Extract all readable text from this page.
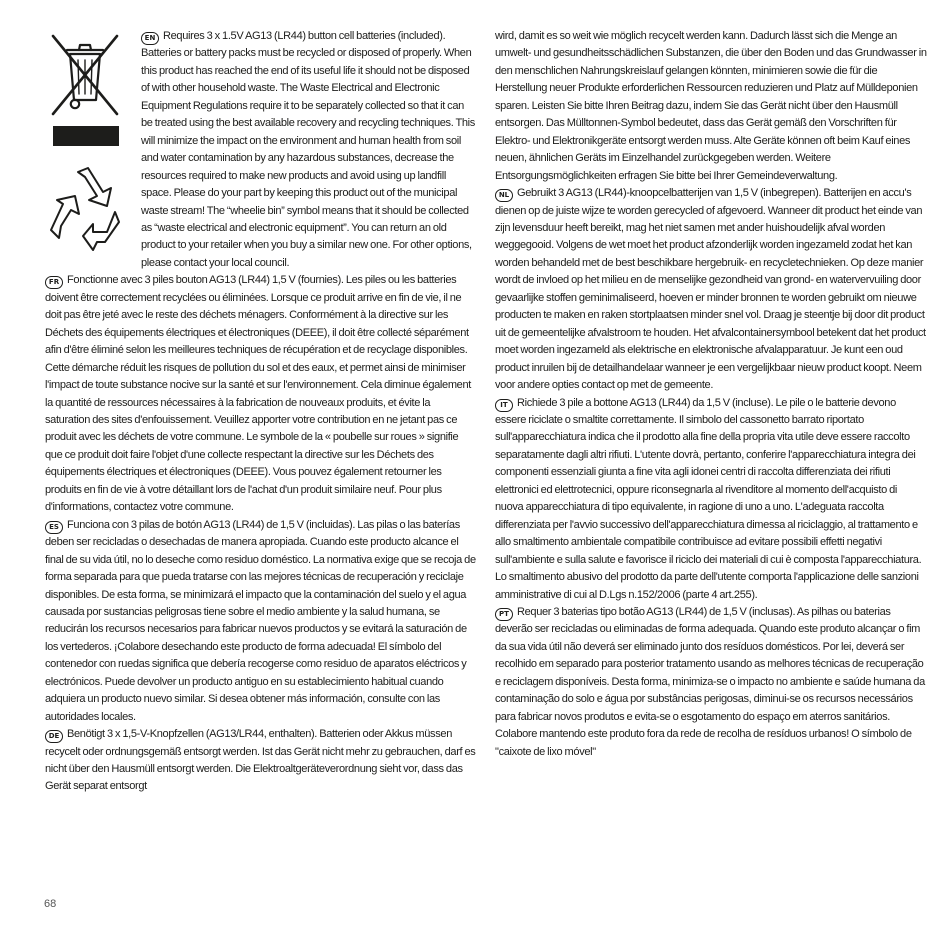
EN Requires 3 x 1.5V AG13 (LR44) button cell batteries (included). Batteries or battery packs must be recycled or disposed of properly. When this product has reached the end of its useful life it should not be disposed of with other household waste. The Waste Electrical and Electronic Equipment Regulations require it to be separately collected so that it can be treated using the best available recovery and recycling techniques. This will minimize the impact on the environment and human health from soil and water contamination by any hazardous substances, decrease the resources required to make new products and avoid using up landfill space. Please do your part by keeping this product out of the municipal waste stream! The “wheelie bin” symbol means that it should be collected as “waste electrical and electronic equipment”. You can return an old product to your retailer when you buy a similar new one. For other options, please contact your local council.

FR Fonctionne avec 3 piles bouton AG13 (LR44) 1,5 V (fournies). Les piles ou les batteries doivent être correctement recyclées ou éliminées. Lorsque ce produit arrive en fin de vie, il ne doit pas être jeté avec le reste des déchets ménagers. Conformément à la directive sur les Déchets des équipements électriques et électroniques (DEEE), il doit être collecté séparément afin d'être éliminé selon les meilleures techniques de récupération et de recyclage disponibles. Cette démarche réduit les risques de pollution du sol et des eaux, et permet ainsi de minimiser l'impact de toute substance nocive sur la santé et sur l'environnement. Cela diminue également la quantité de ressources nécessaires à la fabrication de nouveaux produits, et évite la saturation des sites d'enfouissement. Veuillez apporter votre contribution en ne jetant pas ce produit avec les déchets de votre commune. Le symbole de la « poubelle sur roues » signifie que ce produit doit faire l'objet d'une collecte respectant la directive sur les Déchets des équipements électriques et électroniques (DEEE). Vous pouvez également retourner les produits en fin de vie à votre détaillant lors de l'achat d'un produit similaire neuf. Pour plus d'informations, contactez votre commune.

ES Funciona con 3 pilas de botón AG13 (LR44) de 1,5 V (incluidas). Las pilas o las baterías deben ser recicladas o desechadas de manera apropiada. Cuando este producto alcance el final de su vida útil, no lo deseche como residuo doméstico. La normativa exige que se recoja de forma separada para que pueda tratarse con las mejores técnicas de recuperación y reciclaje disponibles. De esta forma, se minimizará el impacto que la contaminación del suelo y el agua causada por sustancias peligrosas tiene sobre el medio ambiente y la salud humana, se reducirán los recursos necesarios para fabricar nuevos productos y se evitará la saturación de los vertederos. ¡Colabore desechando este producto de forma adecuada! El símbolo del contenedor con ruedas significa que debería recogerse como residuo de aparatos eléctricos y electrónicos. Puede devolver un producto antiguo en su establecimiento habitual cuando adquiera un producto nuevo similar. Si desea obtener más información, consulte con las autoridades locales.

DE Benötigt 3 x 1,5-V-Knopfzellen (AG13/LR44, enthalten). Batterien oder Akkus müssen recycelt oder ordnungsgemäß entsorgt werden. Ist das Gerät nicht mehr zu gebrauchen, darf es nicht über den Hausmüll entsorgt werden. Die Elektroaltgeräteverordnung sieht vor, dass das Gerät separat entsorgt

wird, damit es so weit wie möglich recycelt werden kann. Dadurch lässt sich die Menge an umwelt- und gesundheitsschädlichen Substanzen, die über den Boden und das Grundwasser in den menschlichen Nahrungskreislauf gelangen könnten, minimieren sowie die für die Herstellung neuer Produkte erforderlichen Ressourcen reduzieren und Platz auf Mülldeponien sparen. Leisten Sie bitte Ihren Beitrag dazu, indem Sie das Gerät nicht über den Hausmüll entsorgen. Das Mülltonnen-Symbol bedeutet, dass das Gerät gemäß den Vorschriften für Elektro- und Elektronikgeräte entsorgt werden muss. Alte Geräte können oft beim Kauf eines neuen, ähnlichen Geräts im Einzelhandel zurückgegeben werden. Weitere Entsorgungsmöglichkeiten erfragen Sie bitte bei Ihrer Gemeindeverwaltung.

NL Gebruikt 3 AG13 (LR44)-knoopcelbatterijen van 1,5 V (inbegrepen). Batterijen en accu's dienen op de juiste wijze te worden gerecycled of afgevoerd. Wanneer dit product het einde van zijn levensduur heeft bereikt, mag het niet samen met ander huishoudelijk afval worden weggegooid. Volgens de wet moet het product afzonderlijk worden ingezameld zodat het kan worden behandeld met de best beschikbare hergebruik- en recycletechnieken. Op deze manier wordt de invloed op het milieu en de menselijke gezondheid van grond- en watervervuiling door gevaarlijke stoffen geminimaliseerd, hoeven er minder bronnen te worden gebruikt om nieuwe producten te maken en raken stortplaatsen minder snel vol. Draag je steentje bij door dit product uit de gemeentelijke afvalstroom te houden. Het afvalcontainersymbool betekent dat het product moet worden ingezameld als elektrische en elektronische afvalapparatuur. Je kunt een oud product inruilen bij de detailhandelaar wanneer je een vergelijkbaar nieuw product koopt. Neem voor andere opties contact op met de gemeente.

IT Richiede 3 pile a bottone AG13 (LR44) da 1,5 V (incluse). Le pile o le batterie devono essere riciclate o smaltite correttamente. Il simbolo del cassonetto barrato riportato sull'apparecchiatura indica che il prodotto alla fine della propria vita utile deve essere raccolto separatamente dagli altri rifiuti. L'utente dovrà, pertanto, conferire l'apparecchiatura integra dei componenti essenziali giunta a fine vita agli idonei centri di raccolta differenziata dei rifiuti elettronici ed elettrotecnici, oppure riconsegnarla al rivenditore al momento dell'acquisto di nuova apparecchiatura di tipo equivalente, in ragione di uno a uno. L'adeguata raccolta differenziata per l'avvio successivo dell'apparecchiatura dimessa al riciclaggio, al trattamento e allo smaltimento ambientale compatibile contribuisce ad evitare possibili effetti negativi sull'ambiente e sulla salute e favorisce il riciclo dei materiali di cui è composta l'apparecchiatura. Lo smaltimento abusivo del prodotto da parte dell'utente comporta l'applicazione delle sanzioni amministrative di cui al D.Lgs n.152/2006 (parte 4 art.255).

PT Requer 3 baterias tipo botão AG13 (LR44) de 1,5 V (inclusas). As pilhas ou baterias deverão ser recicladas ou eliminadas de forma adequada. Quando este produto alcançar o fim da sua vida útil não deverá ser eliminado junto dos resíduos domésticos. Por lei, deverá ser recolhido em separado para posterior tratamento usando as melhores técnicas de recuperação e reciclagem disponíveis. Desta forma, minimiza-se o impacto no ambiente e saúde humana da contaminação do solo e água por substâncias perigosas, diminui-se os recursos necessários para fabricar novos produtos e evita-se o esgotamento do espaço em aterros sanitários. Colabore mantendo este produto fora da rede de recolha de resíduos urbanos! O símbolo de "caixote de lixo móvel"

68
